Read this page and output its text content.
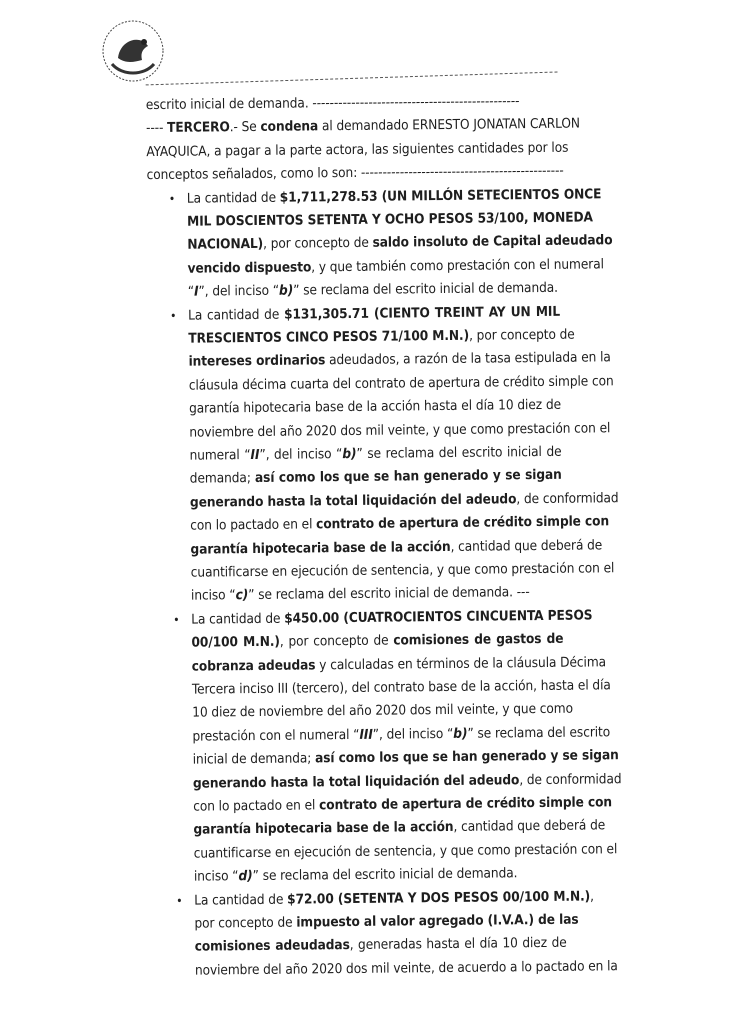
escrito inicial de demanda. ------------------------------------------------
---- TERCERO.- Se condena al demandado ERNESTO JONATAN CARLON
AYAQUICA, a pagar a la parte actora, las siguientes cantidades por los
conceptos señalados, como lo son: -----------------------------------------------
• La cantidad de $1,711,278.53 (UN MILLÓN SETECIENTOS ONCE
MIL DOSCIENTOS SETENTA Y OCHO PESOS 53/100, MONEDA
NACIONAL), por concepto de saldo insoluto de Capital adeudado
vencido dispuesto, y que también como prestación con el numeral
“I”, del inciso “b)” se reclama del escrito inicial de demanda.
• La cantidad de $131,305.71 (CIENTO TREINT AY UN MIL
TRESCIENTOS CINCO PESOS 71/100 M.N.), por concepto de
intereses ordinarios adeudados, a razón de la tasa estipulada en la
cláusula décima cuarta del contrato de apertura de crédito simple con
garantía hipotecaria base de la acción hasta el día 10 diez de
noviembre del año 2020 dos mil veinte, y que como prestación con el
numeral “II”, del inciso “b)” se reclama del escrito inicial de
demanda; así como los que se han generado y se sigan
generando hasta la total liquidación del adeudo, de conformidad
con lo pactado en el contrato de apertura de crédito simple con
garantía hipotecaria base de la acción, cantidad que deberá de
cuantificarse en ejecución de sentencia, y que como prestación con el
inciso “c)” se reclama del escrito inicial de demanda. ---
• La cantidad de $450.00 (CUATROCIENTOS CINCUENTA PESOS
00/100 M.N.), por concepto de comisiones de gastos de
cobranza adeudas y calculadas en términos de la cláusula Décima
Tercera inciso III (tercero), del contrato base de la acción, hasta el día
10 diez de noviembre del año 2020 dos mil veinte, y que como
prestación con el numeral “III”, del inciso “b)” se reclama del escrito
inicial de demanda; así como los que se han generado y se sigan
generando hasta la total liquidación del adeudo, de conformidad
con lo pactado en el contrato de apertura de crédito simple con
garantía hipotecaria base de la acción, cantidad que deberá de
cuantificarse en ejecución de sentencia, y que como prestación con el
inciso “d)” se reclama del escrito inicial de demanda.
• La cantidad de $72.00 (SETENTA Y DOS PESOS 00/100 M.N.),
por concepto de impuesto al valor agregado (I.V.A.) de las
comisiones adeudadas, generadas hasta el día 10 diez de
noviembre del año 2020 dos mil veinte, de acuerdo a lo pactado en la
